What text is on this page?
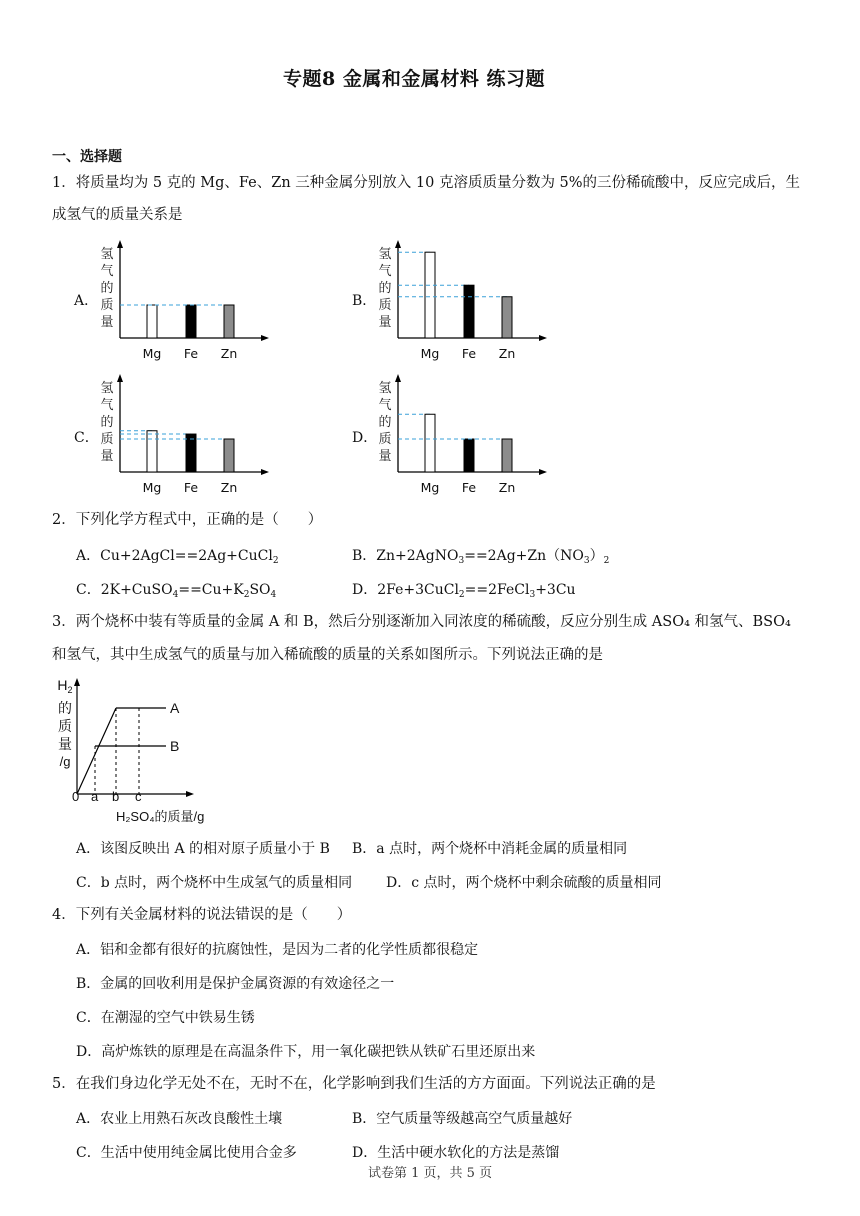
专题8 金属和金属材料 练习题
一、选择题
1．将质量均为 5 克的 Mg、Fe、Zn 三种金属分别放入 10 克溶质质量分数为 5%的三份稀硫酸中，反应完成后，生
成氢气的质量关系是
A．	B．
C．	D．
氢
气
的
质
量
Mg Fe Zn
氢
气
的
质
量
Mg Fe Zn
氢
气
的
质
量
Mg Fe Zn
氢
气
的
质
量
Mg Fe Zn
2．下列化学方程式中，正确的是（　　）
A．Cu+2AgCl==2Ag+CuCl$_2$	B．$Zn+2AgNO_3==2Ag+Zn(NO_3)_2$
C．$2K+CuSO_4==Cu+K_2SO_4$	D．2Fe+3CuCl$_2$==2FeCl$_3$+3Cu
3．两个烧杯中装有等质量的金属 A 和 B，然后分别逐渐加入同浓度的稀硫酸，反应分别生成 ASO₄ 和氢气、BSO₄
和氢气，其中生成氢气的质量与加入稀硫酸的质量的关系如图所示。下列说法正确的是
$H_2$
的
质
量
/g
A
B
0 a b c
H₂SO₄的质量/g
A．该图反映出 A 的相对原子质量小于 B B．a 点时，两个烧杯中消耗金属的质量相同
C．b 点时，两个烧杯中生成氢气的质量相同 D．c 点时，两个烧杯中剩余硫酸的质量相同
4．下列有关金属材料的说法错误的是（　　）
A．铝和金都有很好的抗腐蚀性，是因为二者的化学性质都很稳定
B．金属的回收利用是保护金属资源的有效途径之一
C．在潮湿的空气中铁易生锈
D．高炉炼铁的原理是在高温条件下，用一氧化碳把铁从铁矿石里还原出来
5．在我们身边化学无处不在，无时不在，化学影响到我们生活的方方面面。下列说法正确的是
A．农业上用熟石灰改良酸性土壤	B．空气质量等级越高空气质量越好
C．生活中使用纯金属比使用合金多	D．生活中硬水软化的方法是蒸馏
试卷第 1 页，共 5 页
